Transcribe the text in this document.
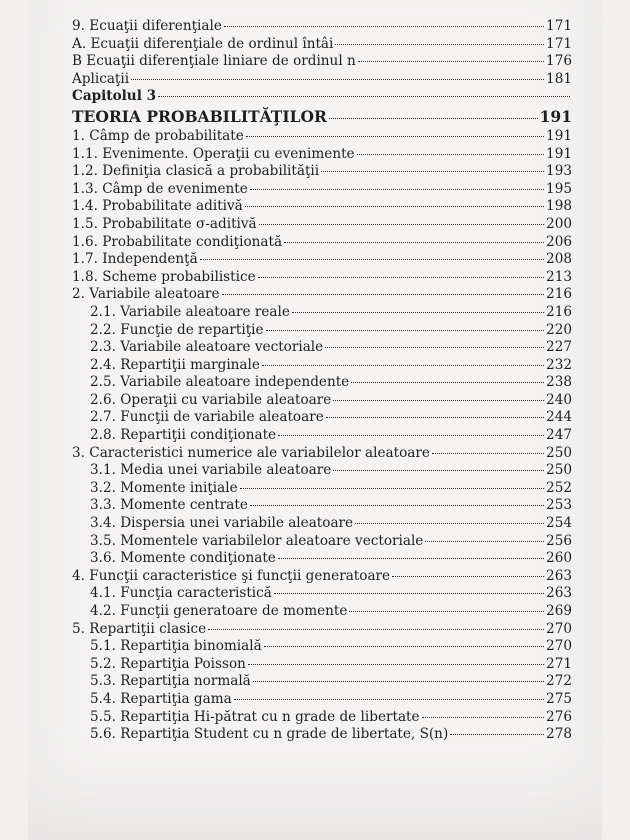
9. Ecuaţii diferenţiale	171
A. Ecuaţii diferenţiale de ordinul întâi	171
B Ecuaţii diferenţiale liniare de ordinul n	176
Aplicaţii	181
Capitolul 3
TEORIA PROBABILITĂŢILOR	191
1. Câmp de probabilitate	191
1.1. Evenimente. Operaţii cu evenimente	191
1.2. Definiţia clasică a probabilităţii	193
1.3. Câmp de evenimente	195
1.4. Probabilitate aditivă	198
1.5. Probabilitate σ-aditivă	200
1.6. Probabilitate condiţionată	206
1.7. Independenţă	208
1.8. Scheme probabilistice	213
2. Variabile aleatoare	216
2.1. Variabile aleatoare reale	216
2.2. Funcţie de repartiţie	220
2.3. Variabile aleatoare vectoriale	227
2.4. Repartiţii marginale	232
2.5. Variabile aleatoare independente	238
2.6. Operaţii cu variabile aleatoare	240
2.7. Funcţii de variabile aleatoare	244
2.8. Repartiţii condiţionate	247
3. Caracteristici numerice ale variabilelor aleatoare	250
3.1. Media unei variabile aleatoare	250
3.2. Momente iniţiale	252
3.3. Momente centrate	253
3.4. Dispersia unei variabile aleatoare	254
3.5. Momentele variabilelor aleatoare vectoriale	256
3.6. Momente condiţionate	260
4. Funcţii caracteristice şi funcţii generatoare	263
4.1. Funcţia caracteristică	263
4.2. Funcţii generatoare de momente	269
5. Repartiţii clasice	270
5.1. Repartiţia binomială	270
5.2. Repartiţia Poisson	271
5.3. Repartiţia normală	272
5.4. Repartiţia gama	275
5.5. Repartiţia Hi-pătrat cu n grade de libertate	276
5.6. Repartiţia Student cu n grade de libertate, S(n)	278
